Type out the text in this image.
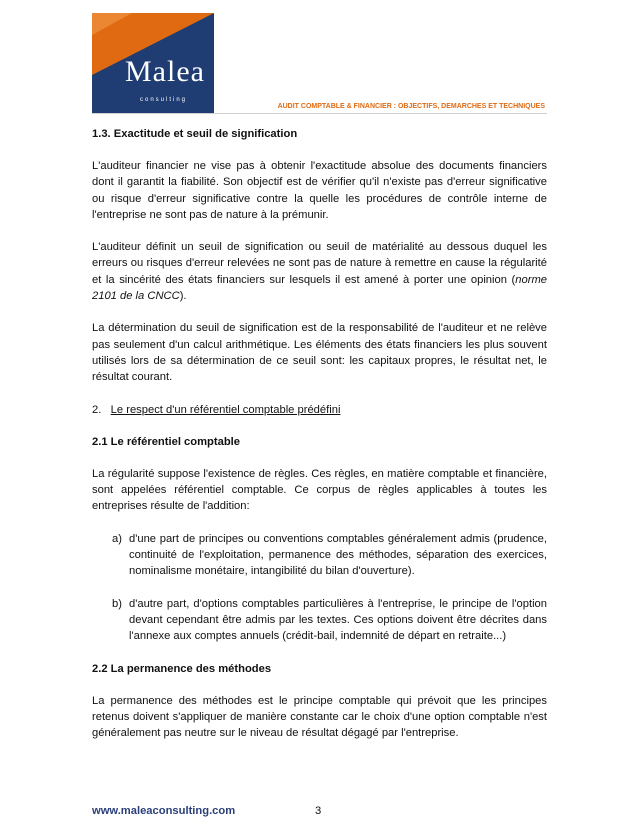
Malea
consulting
AUDIT COMPTABLE & FINANCIER : OBJECTIFS, DEMARCHES ET TECHNIQUES
1.3. Exactitude et seuil de signification

L'auditeur financier ne vise pas à obtenir l'exactitude absolue des documents financiers dont il garantit la fiabilité. Son objectif est de vérifier qu'il n'existe pas d'erreur significative ou risque d'erreur significative contre la quelle les procédures de contrôle interne de l'entreprise ne sont pas de nature à la prémunir.

L'auditeur définit un seuil de signification ou seuil de matérialité au dessous duquel les erreurs ou risques d'erreur relevées ne sont pas de nature à remettre en cause la régularité et la sincérité des états financiers sur lesquels il est amené à porter une opinion (norme 2101 de la CNCC).

La détermination du seuil de signification est de la responsabilité de l'auditeur et ne relève pas seulement d'un calcul arithmétique. Les éléments des états financiers les plus souvent utilisés lors de sa détermination de ce seuil sont: les capitaux propres, le résultat net, le résultat courant.

2. Le respect d'un référentiel comptable prédéfini
2.1 Le référentiel comptable

La régularité suppose l'existence de règles. Ces règles, en matière comptable et financière, sont appelées référentiel comptable. Ce corpus de règles applicables à toutes les entreprises résulte de l'addition:

a) d'une part de principes ou conventions comptables généralement admis (prudence, continuité de l'exploitation, permanence des méthodes, séparation des exercices, nominalisme monétaire, intangibilité du bilan d'ouverture).
b) d'autre part, d'options comptables particulières à l'entreprise, le principe de l'option devant cependant être admis par les textes. Ces options doivent être décrites dans l'annexe aux comptes annuels (crédit-bail, indemnité de départ en retraite...)
2.2 La permanence des méthodes

La permanence des méthodes est le principe comptable qui prévoit que les principes retenus doivent s'appliquer de manière constante car le choix d'une option comptable n'est généralement pas neutre sur le niveau de résultat dégagé par l'entreprise.

www.maleaconsulting.com	3
